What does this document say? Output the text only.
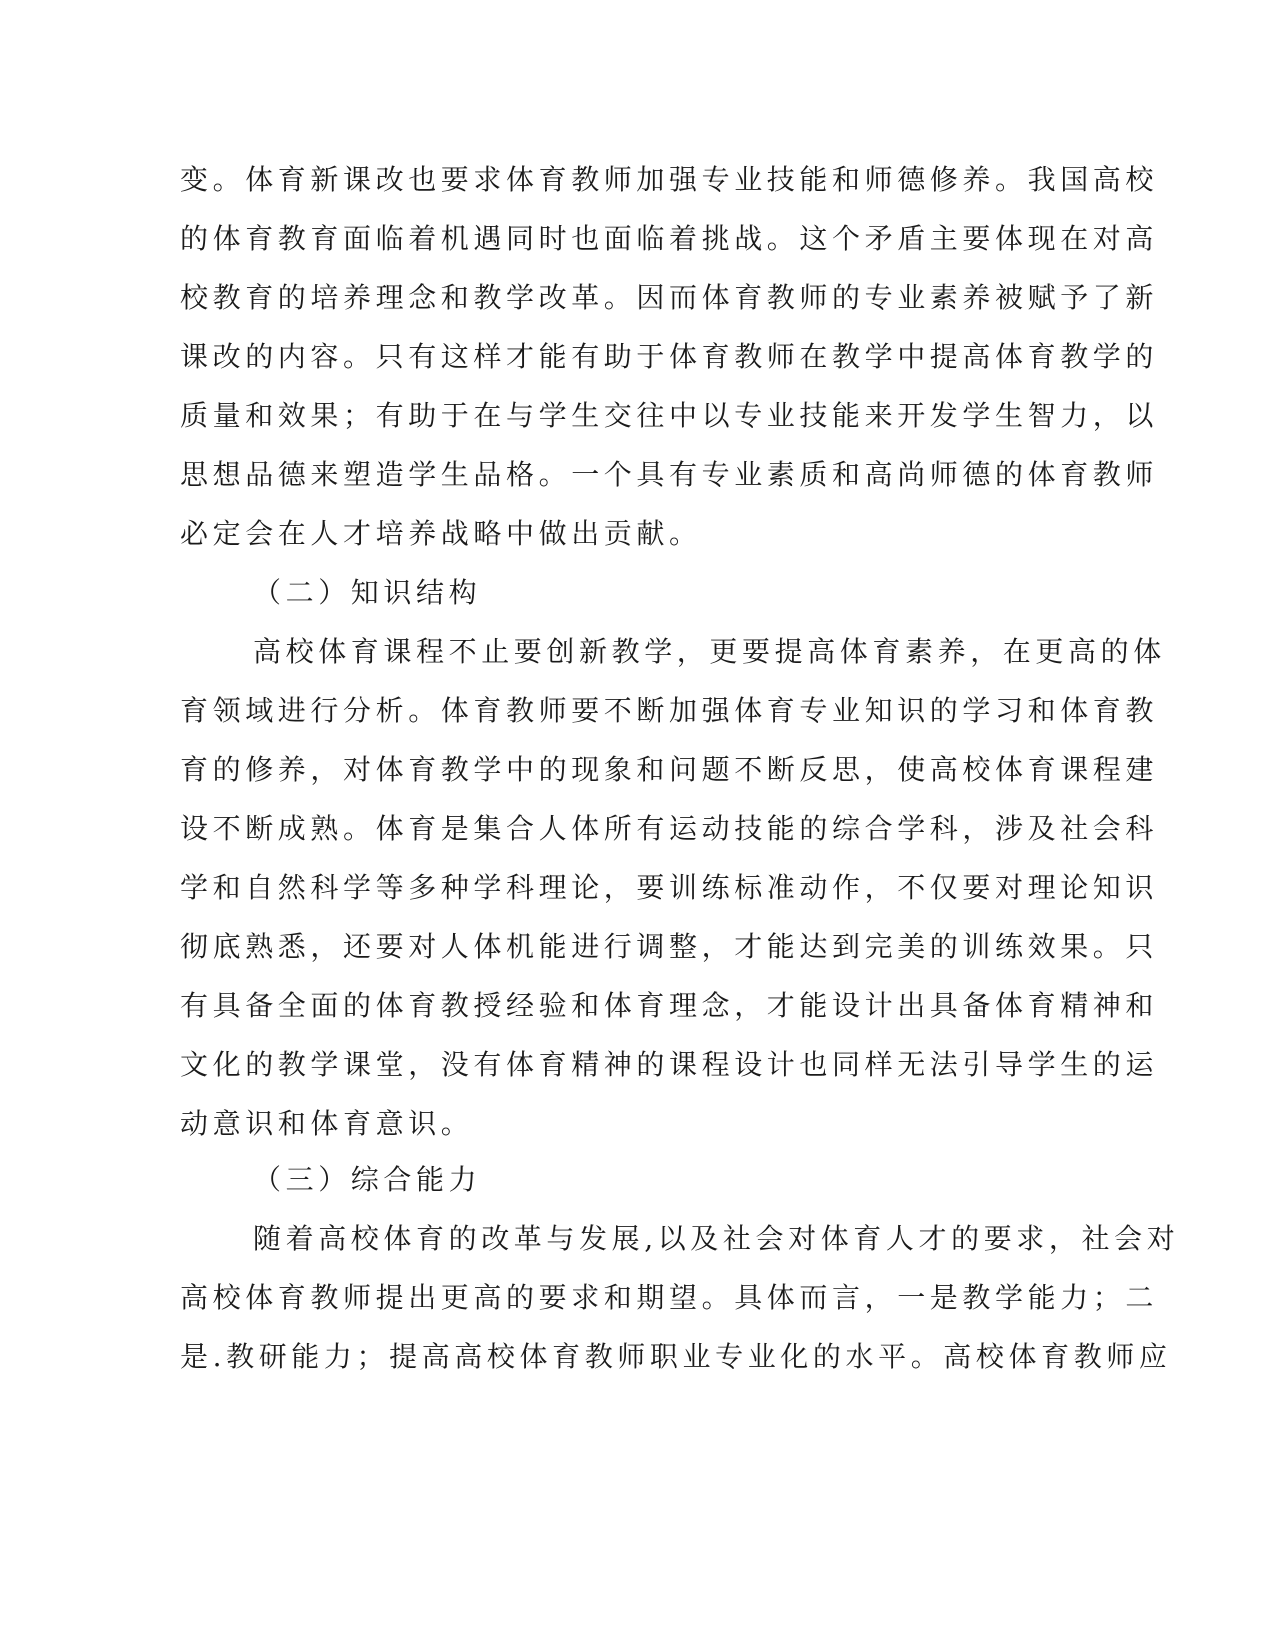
变。体育新课改也要求体育教师加强专业技能和师德修养。我国高校
的体育教育面临着机遇同时也面临着挑战。这个矛盾主要体现在对高
校教育的培养理念和教学改革。因而体育教师的专业素养被赋予了新
课改的内容。只有这样才能有助于体育教师在教学中提高体育教学的
质量和效果；有助于在与学生交往中以专业技能来开发学生智力，以
思想品德来塑造学生品格。一个具有专业素质和高尚师德的体育教师
必定会在人才培养战略中做出贡献。
（二）知识结构
高校体育课程不止要创新教学，更要提高体育素养，在更高的体
育领域进行分析。体育教师要不断加强体育专业知识的学习和体育教
育的修养，对体育教学中的现象和问题不断反思，使高校体育课程建
设不断成熟。体育是集合人体所有运动技能的综合学科，涉及社会科
学和自然科学等多种学科理论，要训练标准动作，不仅要对理论知识
彻底熟悉，还要对人体机能进行调整，才能达到完美的训练效果。只
有具备全面的体育教授经验和体育理念，才能设计出具备体育精神和
文化的教学课堂，没有体育精神的课程设计也同样无法引导学生的运
动意识和体育意识。
（三）综合能力
随着高校体育的改革与发展,以及社会对体育人才的要求，社会对
高校体育教师提出更高的要求和期望。具体而言，一是教学能力；二
是.教研能力；提高高校体育教师职业专业化的水平。高校体育教师应
